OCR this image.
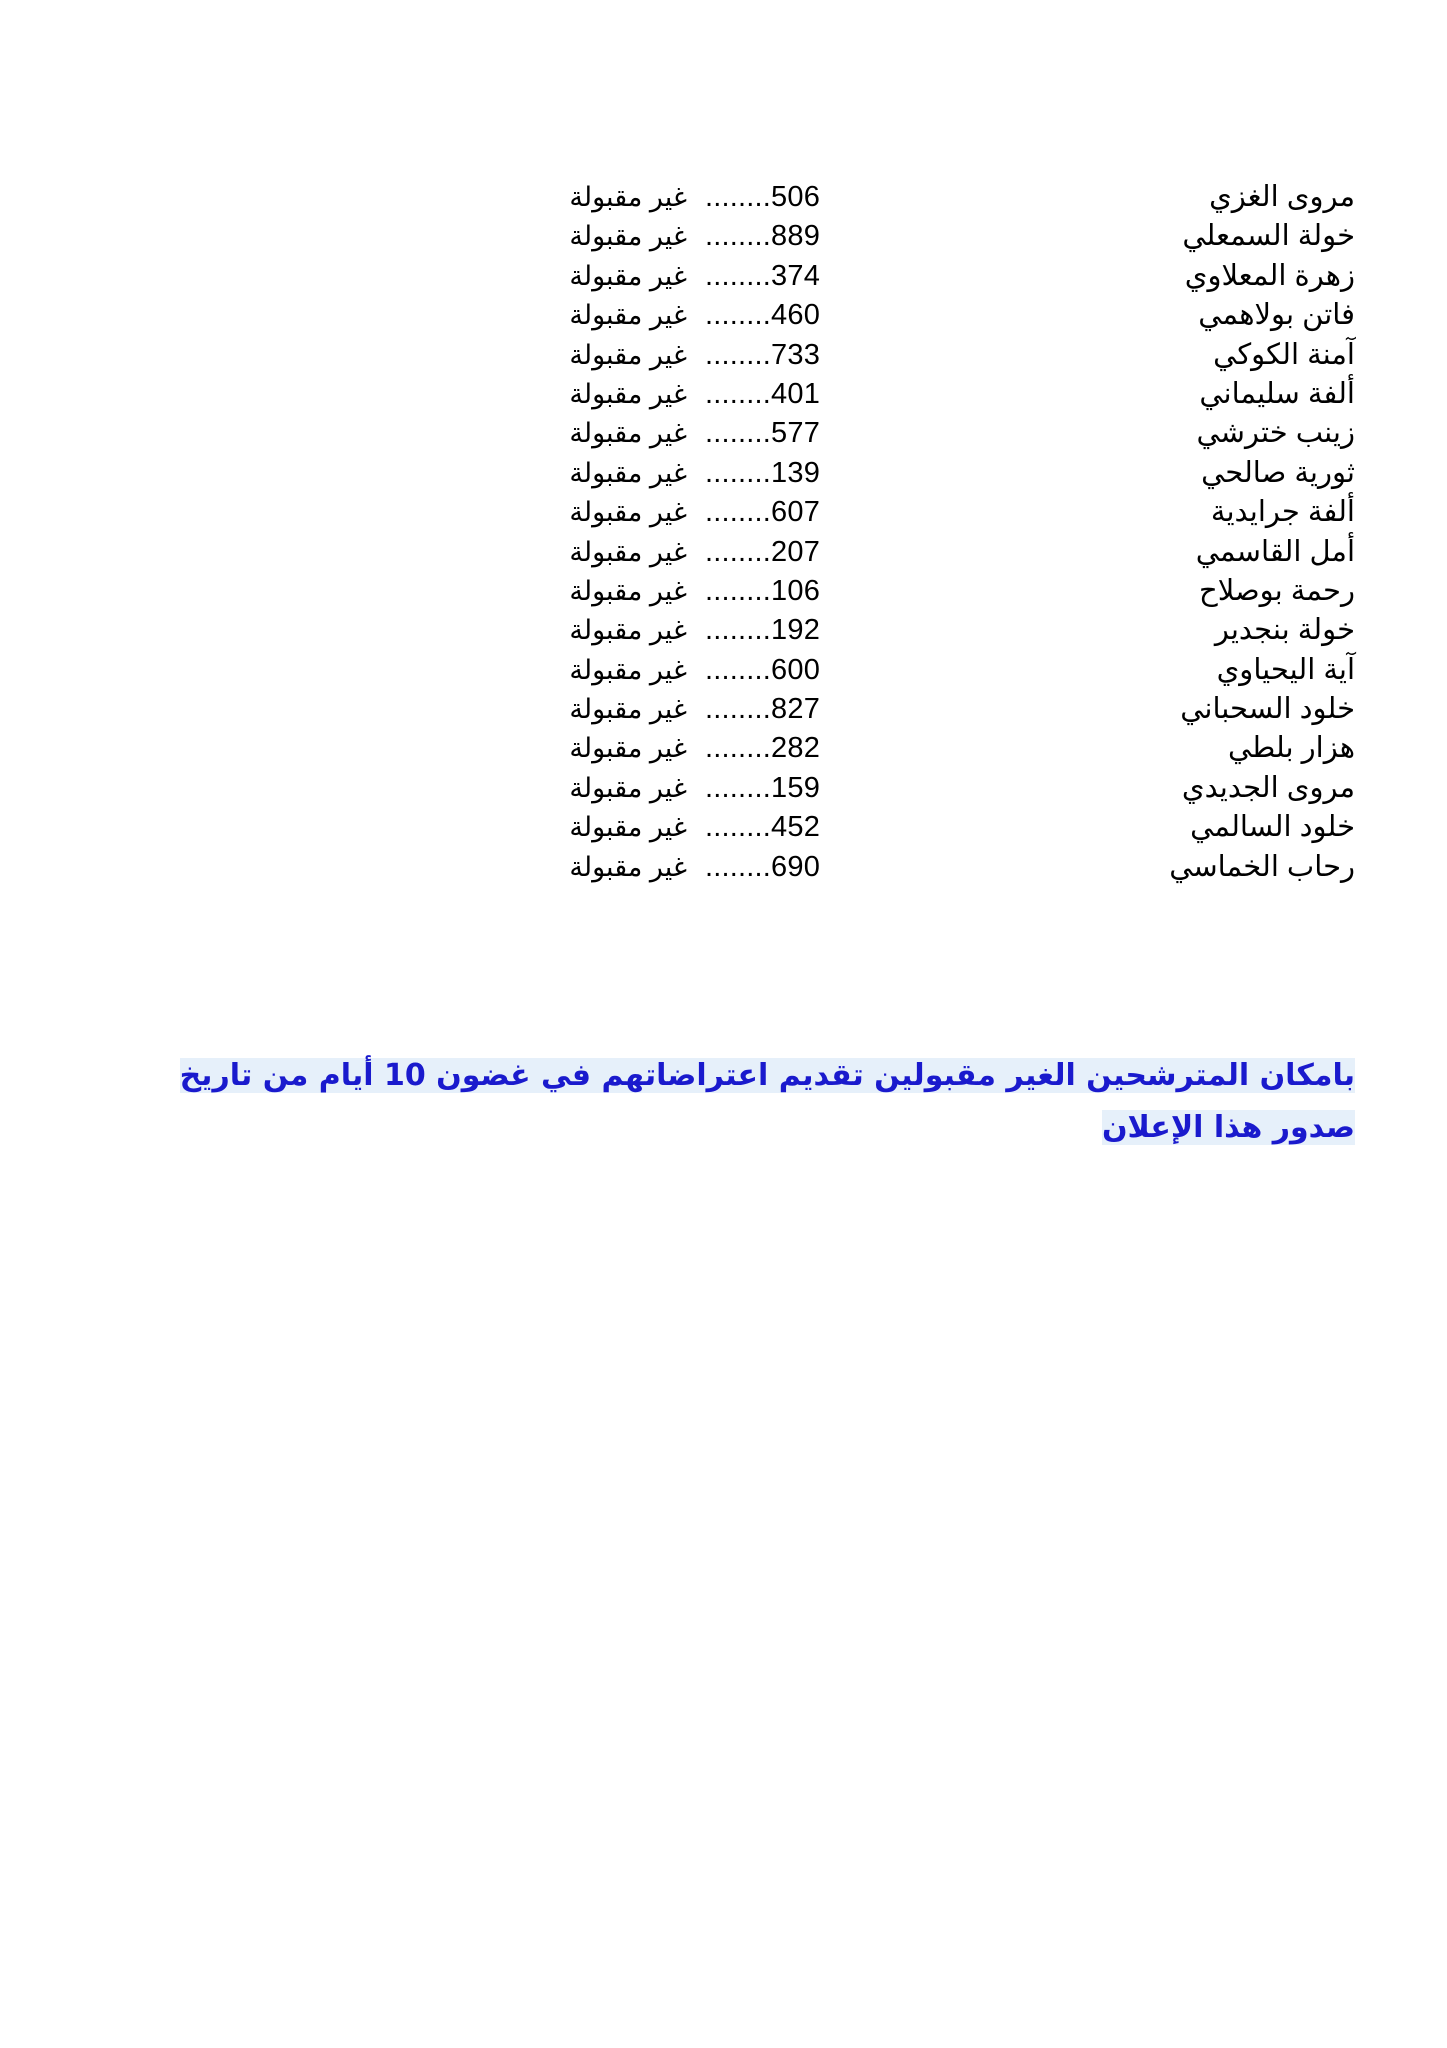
مروى الغزي
........506
غير مقبولة
خولة السمعلي
........889
غير مقبولة
زهرة المعلاوي
........374
غير مقبولة
فاتن بولاهمي
........460
غير مقبولة
آمنة الكوكي
........733
غير مقبولة
ألفة سليماني
........401
غير مقبولة
زينب خترشي
........577
غير مقبولة
ثورية صالحي
........139
غير مقبولة
ألفة جرايدية
........607
غير مقبولة
أمل القاسمي
........207
غير مقبولة
رحمة بوصلاح
........106
غير مقبولة
خولة بنجدير
........192
غير مقبولة
آية اليحياوي
........600
غير مقبولة
خلود السحباني
........827
غير مقبولة
هزار بلطي
........282
غير مقبولة
مروى الجديدي
........159
غير مقبولة
خلود السالمي
........452
غير مقبولة
رحاب الخماسي
........690
غير مقبولة
بامكان المترشحين الغير مقبولين تقديم اعتراضاتهم في غضون 10 أيام من تاريخ صدور هذا الإعلان
